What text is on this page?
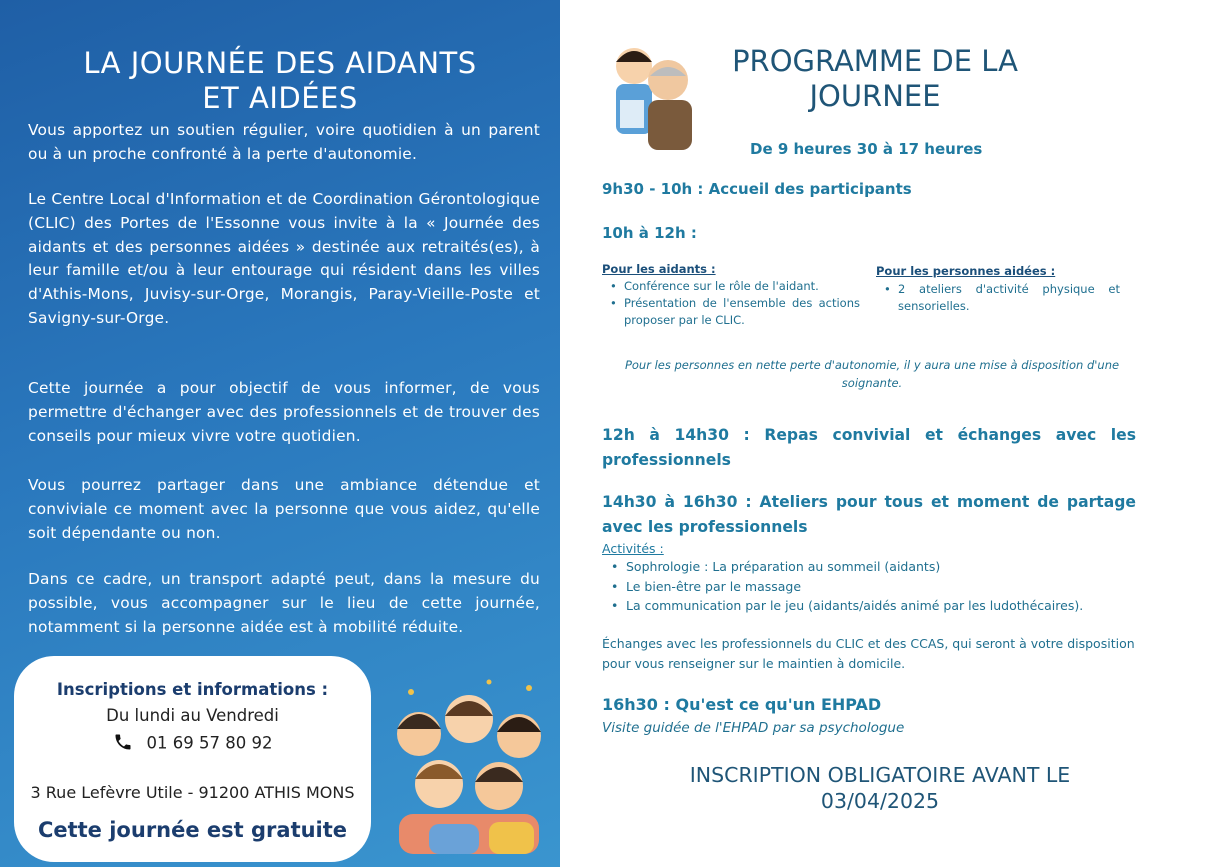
LA JOURNÉE DES AIDANTS
ET AIDÉES

Vous apportez un soutien régulier, voire quotidien à un parent ou à un proche confronté à la perte d'autonomie.

Le Centre Local d'Information et de Coordination Gérontologique (CLIC) des Portes de l'Essonne vous invite à la « Journée des aidants et des personnes aidées » destinée aux retraités(es), à leur famille et/ou à leur entourage qui résident dans les villes d'Athis-Mons, Juvisy-sur-Orge, Morangis, Paray-Vieille-Poste et Savigny-sur-Orge.

Cette journée a pour objectif de vous informer, de vous permettre d'échanger avec des professionnels et de trouver des conseils pour mieux vivre votre quotidien.

Vous pourrez partager dans une ambiance détendue et conviviale ce moment avec la personne que vous aidez, qu'elle soit dépendante ou non.

Dans ce cadre, un transport adapté peut, dans la mesure du possible, vous accompagner sur le lieu de cette journée, notamment si la personne aidée est à mobilité réduite.

Inscriptions et informations :
Du lundi au Vendredi
01 69 57 80 92
3 Rue Lefèvre Utile - 91200 ATHIS MONS
Cette journée est gratuite
PROGRAMME DE LA
JOURNEE
De 9 heures 30 à 17 heures
9h30 - 10h : Accueil des participants
10h à 12h :
Pour les aidants :
• Conférence sur le rôle de l'aidant.
• Présentation de l'ensemble des actions proposer par le CLIC.
Pour les personnes aidées :
• 2 ateliers d'activité physique et sensorielles.
Pour les personnes en nette perte d'autonomie, il y aura une mise à disposition d'une soignante.
12h à 14h30 : Repas convivial et échanges avec les professionnels
14h30 à 16h30 : Ateliers pour tous et moment de partage avec les professionnels
Activités :
• Sophrologie : La préparation au sommeil (aidants)
• Le bien-être par le massage
• La communication par le jeu (aidants/aidés animé par les ludothécaires).
Échanges avec les professionnels du CLIC et des CCAS, qui seront à votre disposition pour vous renseigner sur le maintien à domicile.
16h30 : Qu'est ce qu'un EHPAD
Visite guidée de l'EHPAD par sa psychologue
INSCRIPTION OBLIGATOIRE AVANT LE
03/04/2025
